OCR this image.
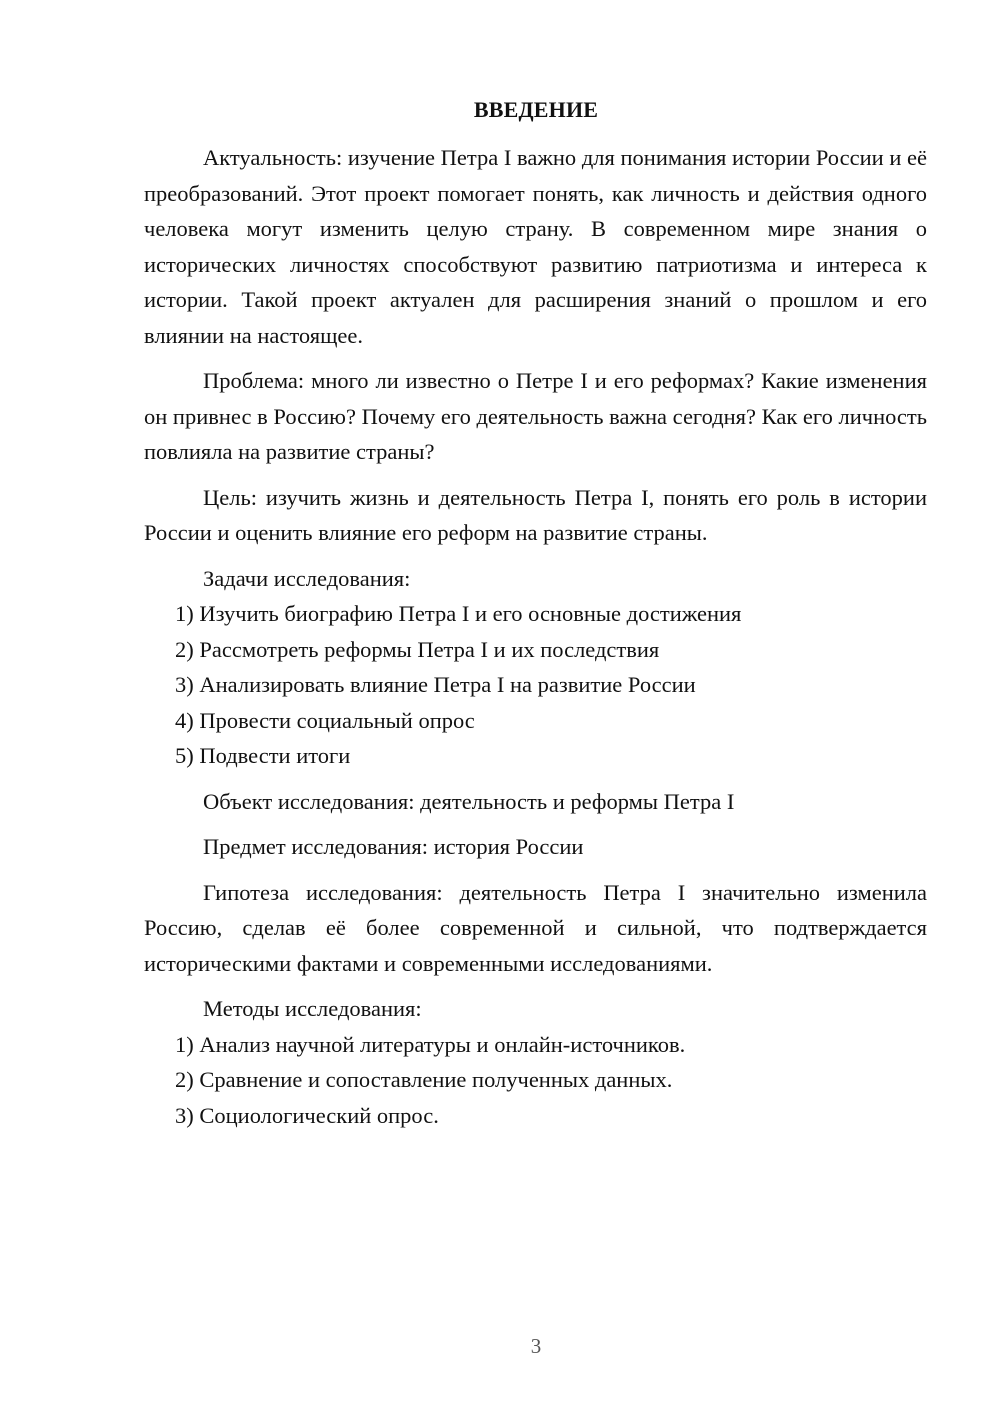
ВВЕДЕНИЕ

Актуальность: изучение Петра I важно для понимания истории России и её преобразований. Этот проект помогает понять, как личность и действия одного человека могут изменить целую страну. В современном мире знания о исторических личностях способствуют развитию патриотизма и интереса к истории. Такой проект актуален для расширения знаний о прошлом и его влиянии на настоящее.

Проблема: много ли известно о Петре I и его реформах? Какие изменения он привнес в Россию? Почему его деятельность важна сегодня? Как его личность повлияла на развитие страны?

Цель: изучить жизнь и деятельность Петра I, понять его роль в истории России и оценить влияние его реформ на развитие страны.

Задачи исследования:

1) Изучить биографию Петра I и его основные достижения

2) Рассмотреть реформы Петра I и их последствия

3) Анализировать влияние Петра I на развитие России

4) Провести социальный опрос

5) Подвести итоги

Объект исследования: деятельность и реформы Петра I

Предмет исследования: история России

Гипотеза исследования: деятельность Петра I значительно изменила Россию, сделав её более современной и сильной, что подтверждается историческими фактами и современными исследованиями.

Методы исследования:

1) Анализ научной литературы и онлайн-источников.

2) Сравнение и сопоставление полученных данных.

3) Социологический опрос.

3
